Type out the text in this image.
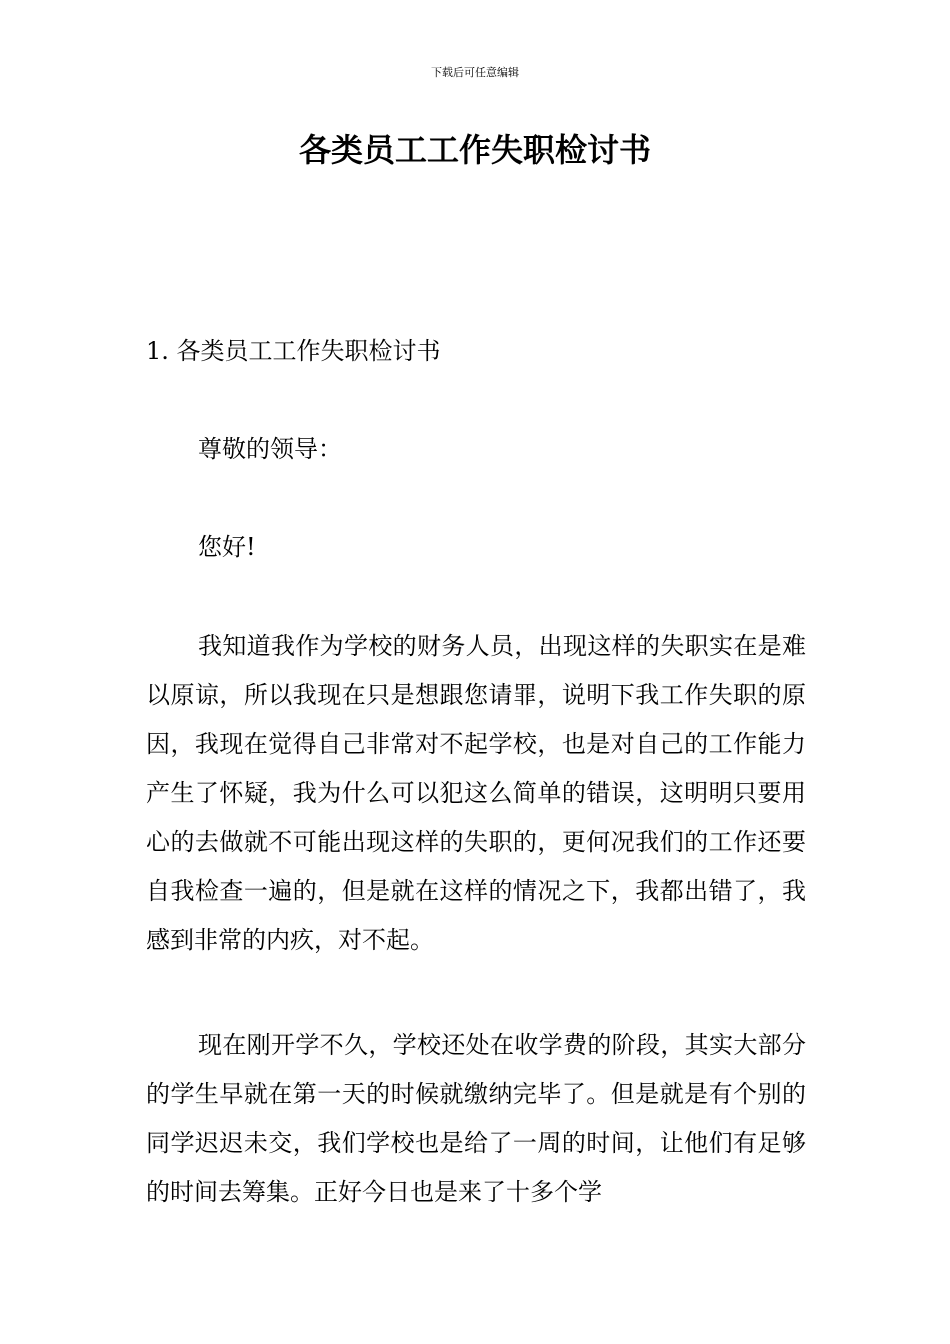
下载后可任意编辑
各类员工工作失职检讨书

1. 各类员工工作失职检讨书

尊敬的领导：

您好!

我知道我作为学校的财务人员，出现这样的失职实在是难以原谅，所以我现在只是想跟您请罪，说明下我工作失职的原因，我现在觉得自己非常对不起学校，也是对自己的工作能力产生了怀疑，我为什么可以犯这么简单的错误，这明明只要用心的去做就不可能出现这样的失职的，更何况我们的工作还要自我检查一遍的，但是就在这样的情况之下，我都出错了，我感到非常的内疚，对不起。

现在刚开学不久，学校还处在收学费的阶段，其实大部分的学生早就在第一天的时候就缴纳完毕了。但是就是有个别的同学迟迟未交，我们学校也是给了一周的时间，让他们有足够的时间去筹集。正好今日也是来了十多个学
